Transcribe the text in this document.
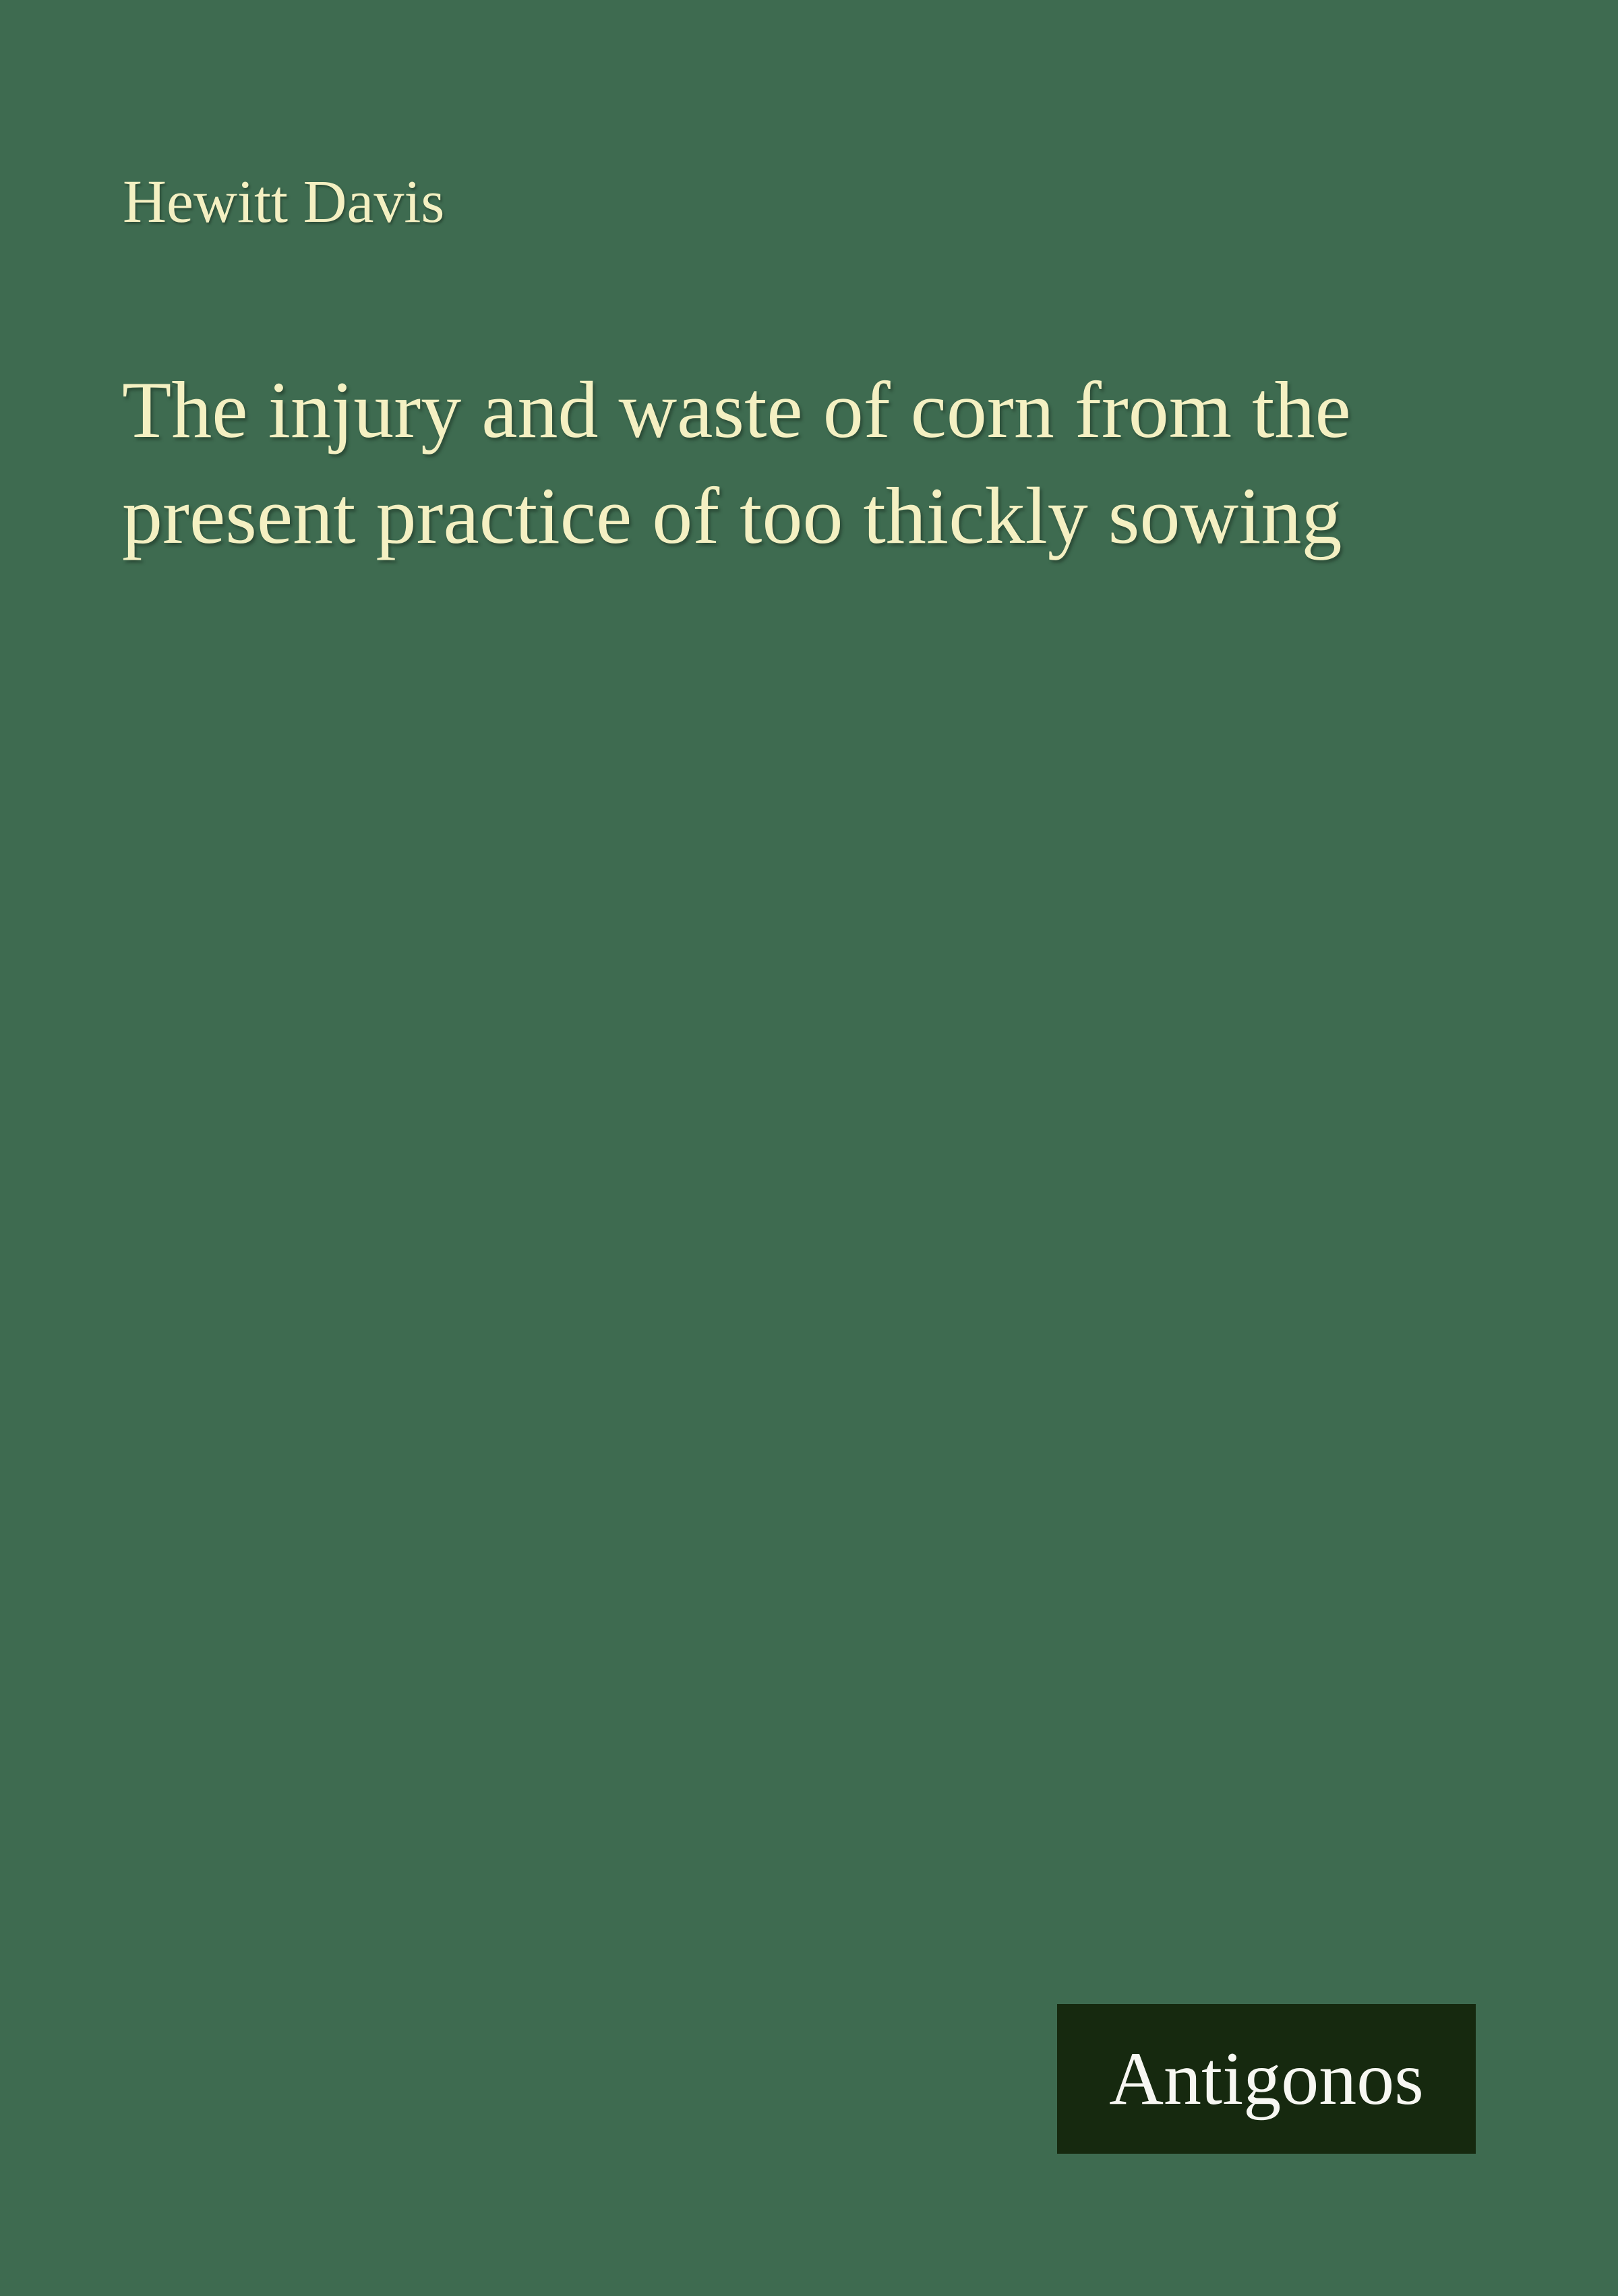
Hewitt Davis
The injury and waste of corn from the
present practice of too thickly sowing
Antigonos
